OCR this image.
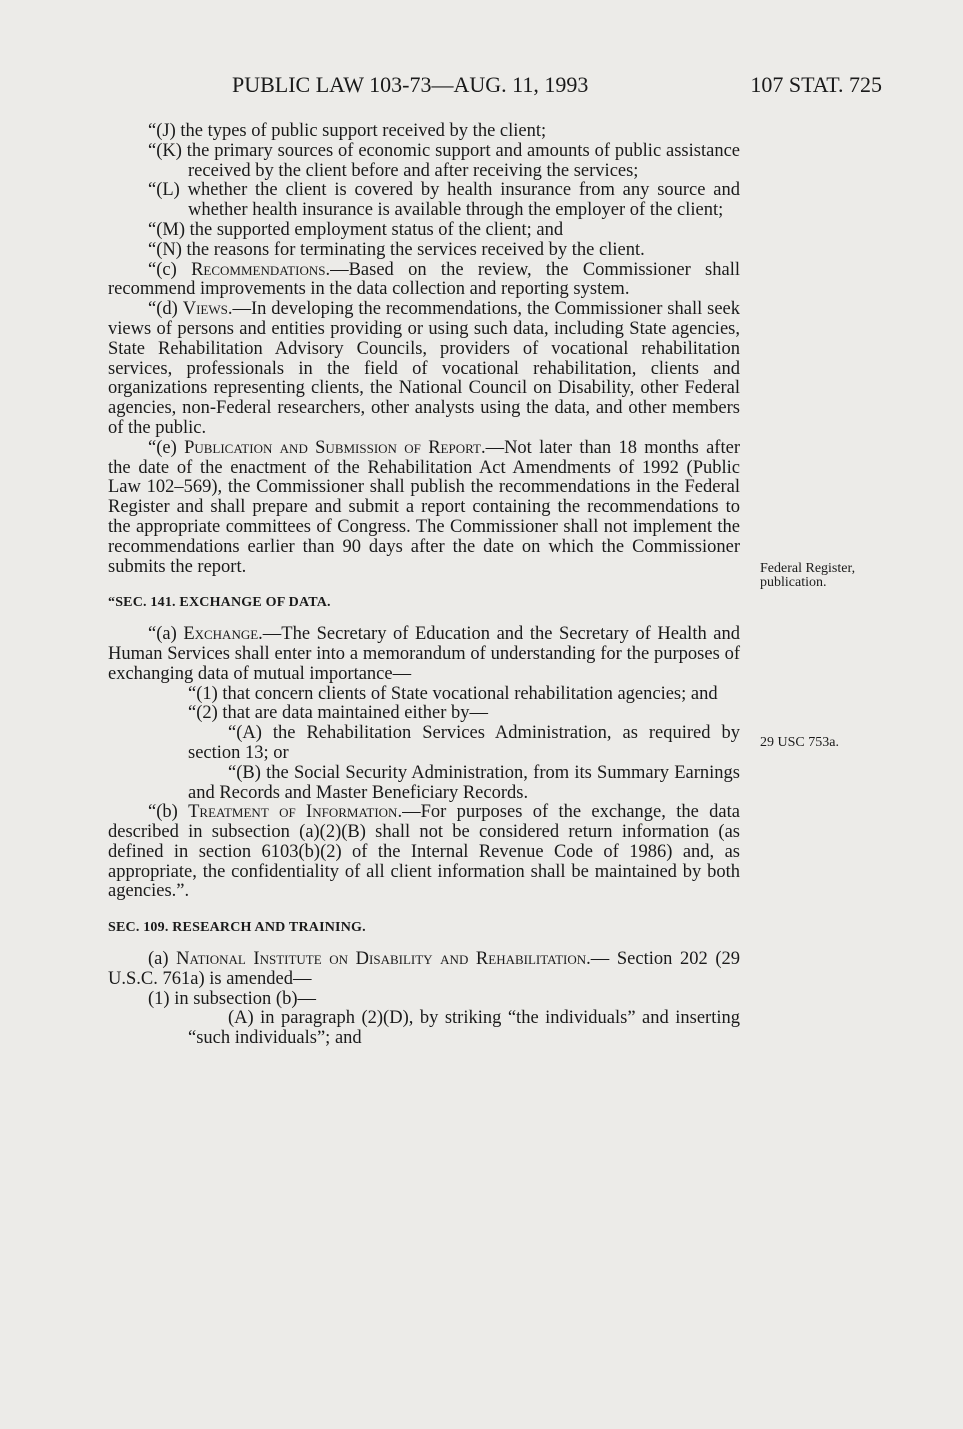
PUBLIC LAW 103-73—AUG. 11, 1993	107 STAT. 725
Federal Register, publication.
29 USC 753a.

“(J) the types of public support received by the client;

“(K) the primary sources of economic support and amounts of public assistance received by the client before and after receiving the services;

“(L) whether the client is covered by health insurance from any source and whether health insurance is available through the employer of the client;

“(M) the supported employment status of the client; and

“(N) the reasons for terminating the services received by the client.

“(c) Recommendations.—Based on the review, the Commissioner shall recommend improvements in the data collection and reporting system.

“(d) Views.—In developing the recommendations, the Commissioner shall seek views of persons and entities providing or using such data, including State agencies, State Rehabilitation Advisory Councils, providers of vocational rehabilitation services, professionals in the field of vocational rehabilitation, clients and organizations representing clients, the National Council on Disability, other Federal agencies, non-Federal researchers, other analysts using the data, and other members of the public.

“(e) Publication and Submission of Report.—Not later than 18 months after the date of the enactment of the Rehabilitation Act Amendments of 1992 (Public Law 102–569), the Commissioner shall publish the recommendations in the Federal Register and shall prepare and submit a report containing the recommendations to the appropriate committees of Congress. The Commissioner shall not implement the recommendations earlier than 90 days after the date on which the Commissioner submits the report.

“SEC. 141. EXCHANGE OF DATA.

“(a) Exchange.—The Secretary of Education and the Secretary of Health and Human Services shall enter into a memorandum of understanding for the purposes of exchanging data of mutual importance—

“(1) that concern clients of State vocational rehabilitation agencies; and

“(2) that are data maintained either by—

“(A) the Rehabilitation Services Administration, as required by section 13; or

“(B) the Social Security Administration, from its Summary Earnings and Records and Master Beneficiary Records.

“(b) Treatment of Information.—For purposes of the exchange, the data described in subsection (a)(2)(B) shall not be considered return information (as defined in section 6103(b)(2) of the Internal Revenue Code of 1986) and, as appropriate, the confidentiality of all client information shall be maintained by both agencies.”.

SEC. 109. RESEARCH AND TRAINING.

(a) National Institute on Disability and Rehabilitation.— Section 202 (29 U.S.C. 761a) is amended—

(1) in subsection (b)—

(A) in paragraph (2)(D), by striking “the individuals” and inserting “such individuals”; and
